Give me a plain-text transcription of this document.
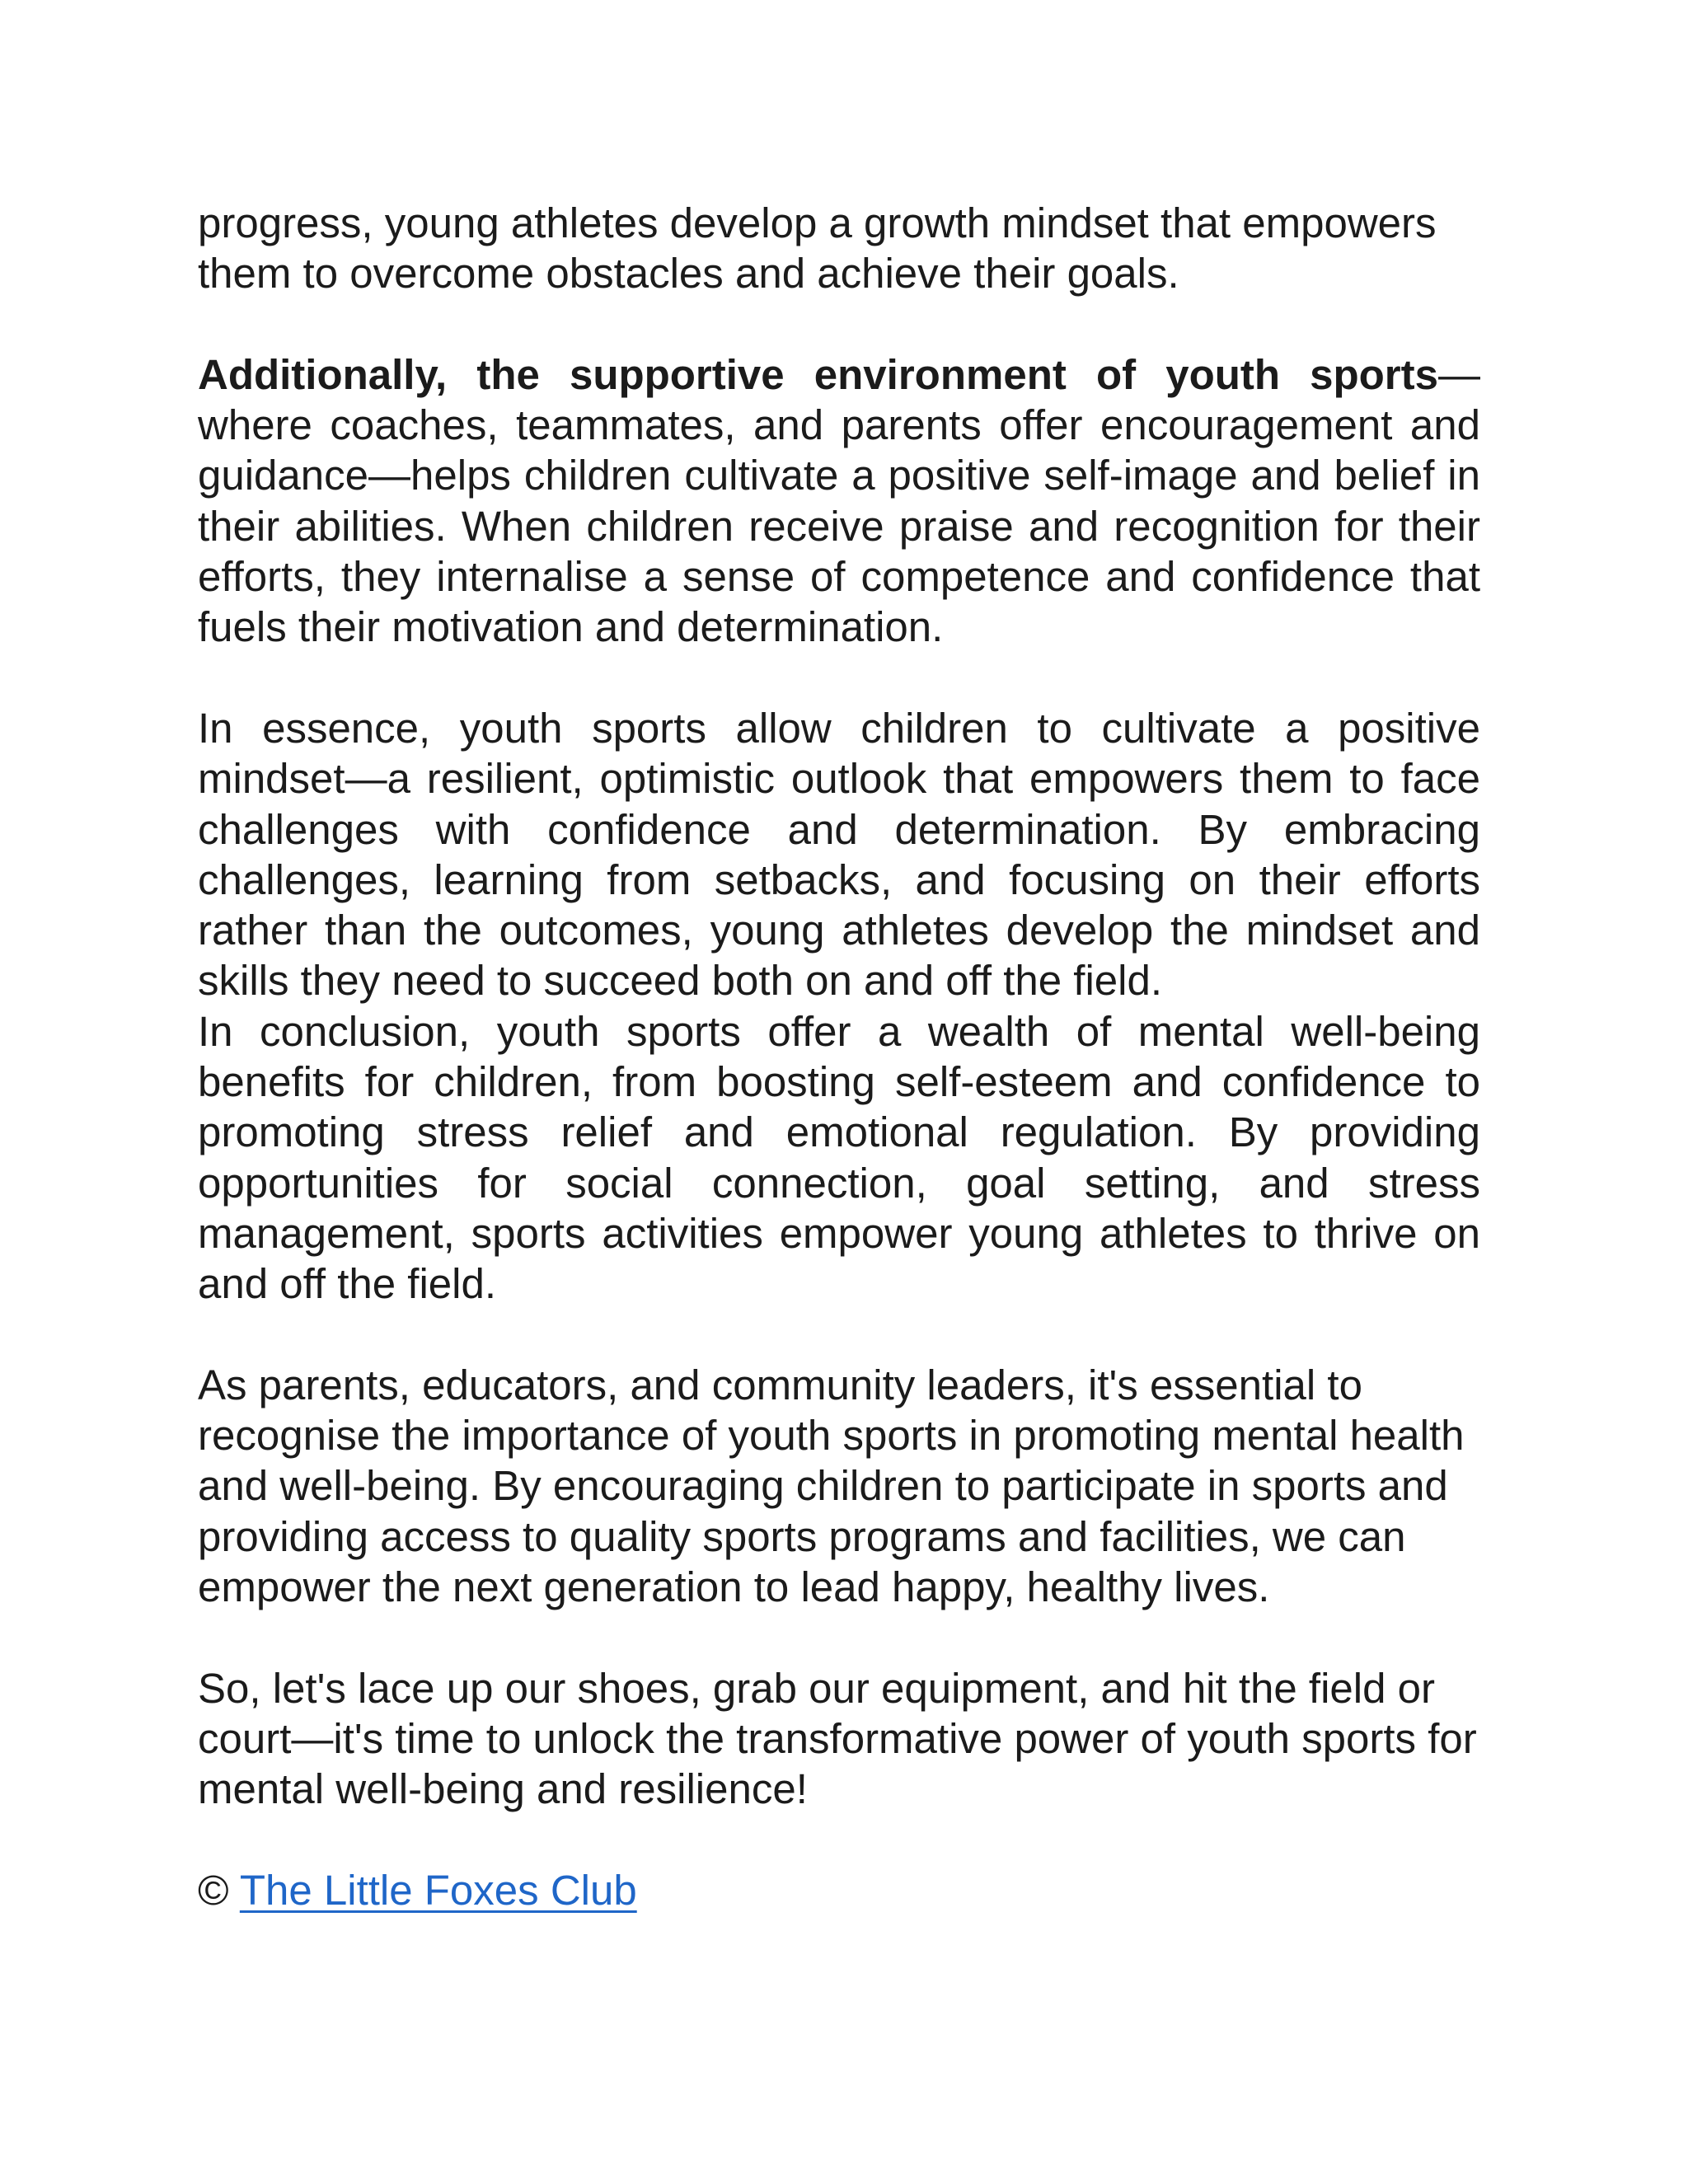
progress, young athletes develop a growth mindset that empowers them to overcome obstacles and achieve their goals.

Additionally, the supportive environment of youth sports—where coaches, teammates, and parents offer encouragement and guidance—helps children cultivate a positive self-image and belief in their abilities. When children receive praise and recognition for their efforts, they internalise a sense of competence and confidence that fuels their motivation and determination.

In essence, youth sports allow children to cultivate a positive mindset—a resilient, optimistic outlook that empowers them to face challenges with confidence and determination. By embracing challenges, learning from setbacks, and focusing on their efforts rather than the outcomes, young athletes develop the mindset and skills they need to succeed both on and off the field.

In conclusion, youth sports offer a wealth of mental well-being benefits for children, from boosting self-esteem and confidence to promoting stress relief and emotional regulation. By providing opportunities for social connection, goal setting, and stress management, sports activities empower young athletes to thrive on and off the field.

As parents, educators, and community leaders, it's essential to recognise the importance of youth sports in promoting mental health and well-being. By encouraging children to participate in sports and providing access to quality sports programs and facilities, we can empower the next generation to lead happy, healthy lives.

So, let's lace up our shoes, grab our equipment, and hit the field or court—it's time to unlock the transformative power of youth sports for mental well-being and resilience!

© The Little Foxes Club
